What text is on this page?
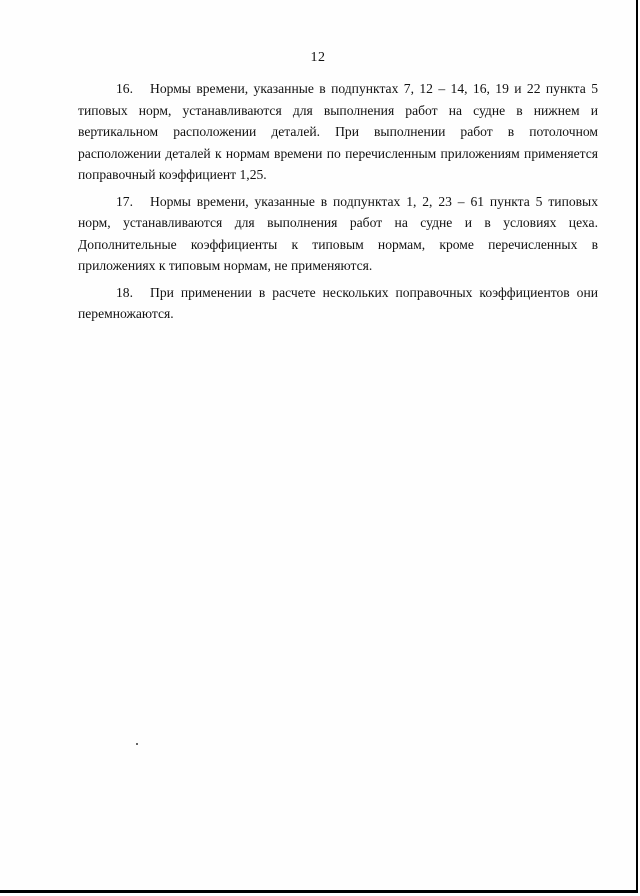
12

16. Нормы времени, указанные в подпунктах 7, 12 – 14, 16, 19 и 22 пункта 5 типовых норм, устанавливаются для выполнения работ на судне в нижнем и вертикальном расположении деталей. При выполнении работ в потолочном расположении деталей к нормам времени по перечисленным приложениям применяется поправочный коэффициент 1,25.

17. Нормы времени, указанные в подпунктах 1, 2, 23 – 61 пункта 5 типовых норм, устанавливаются для выполнения работ на судне и в условиях цеха. Дополнительные коэффициенты к типовым нормам, кроме перечисленных в приложениях к типовым нормам, не применяются.

18. При применении в расчете нескольких поправочных коэффициентов они перемножаются.
